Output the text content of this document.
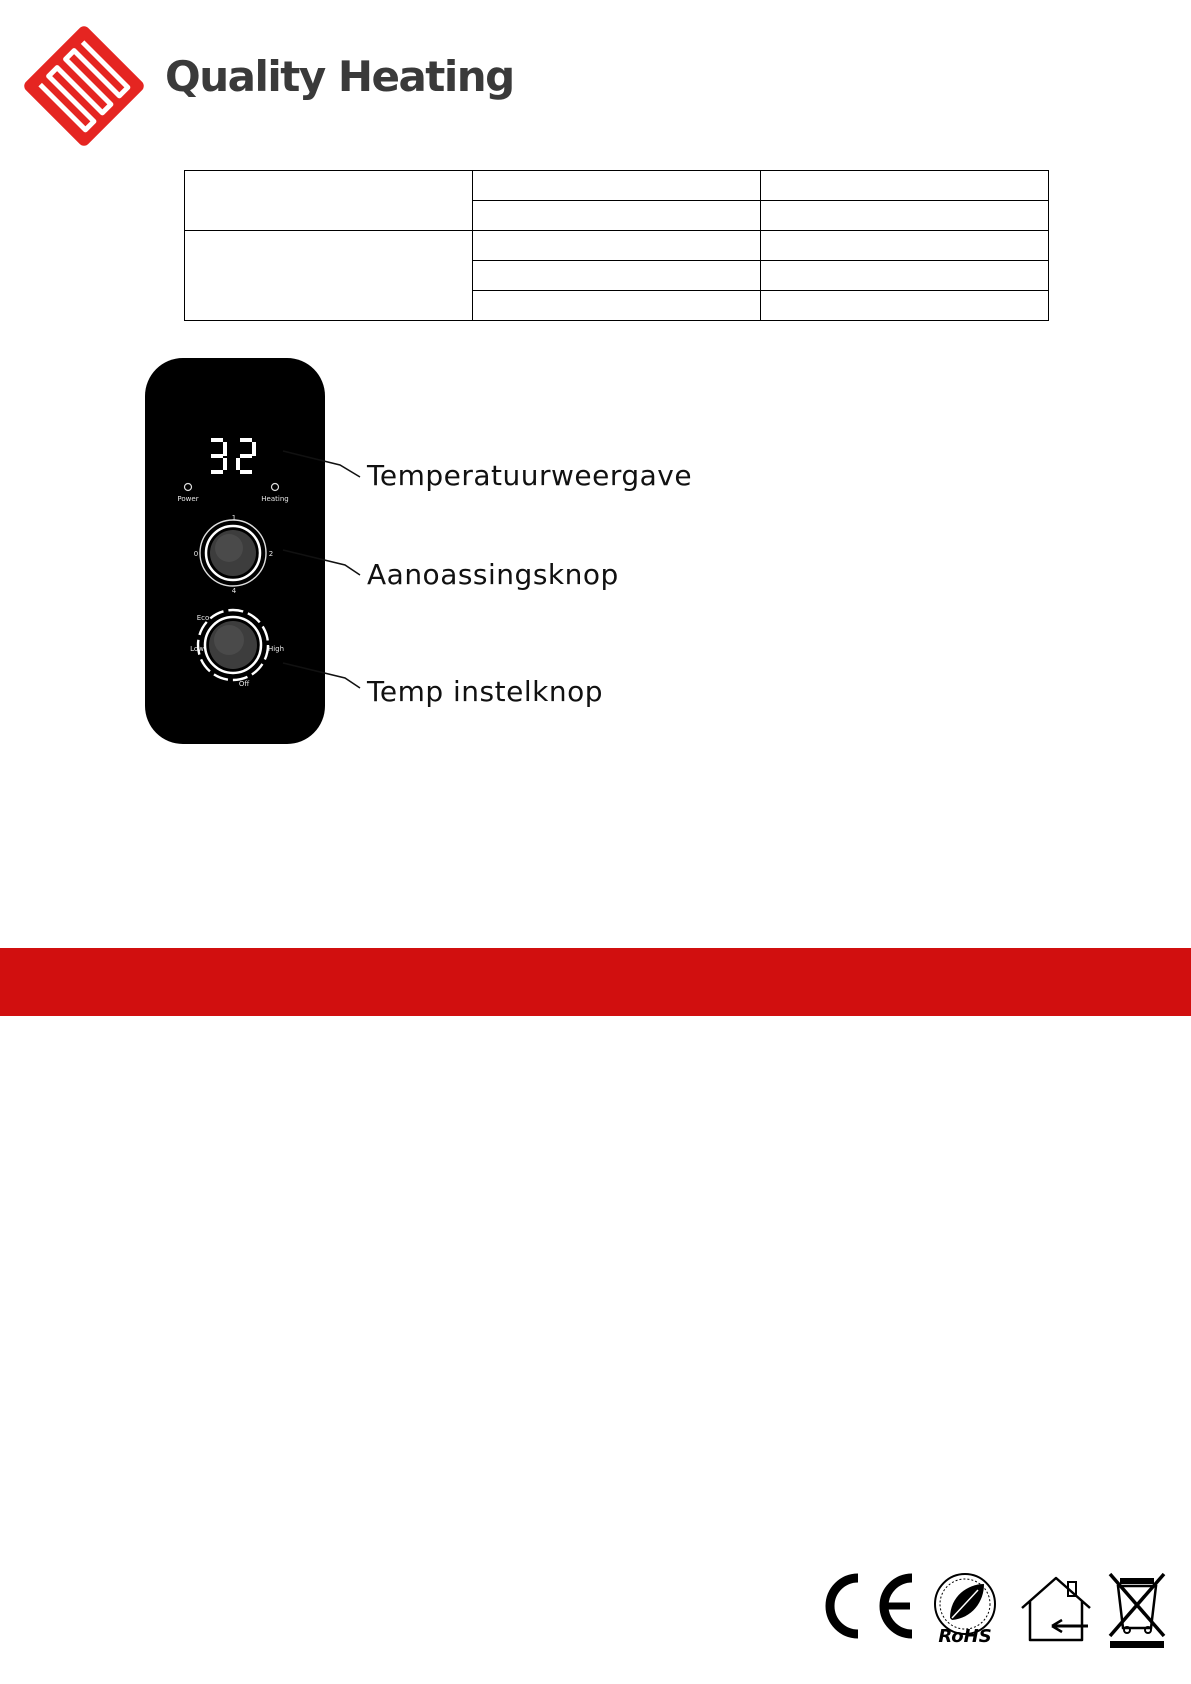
Quality Heating

Power	Heating
1
0	2
4
Eco
Low	High
Off
Temperatuurweergave
Aanoassingsknop
Temp instelknop
RoHS
